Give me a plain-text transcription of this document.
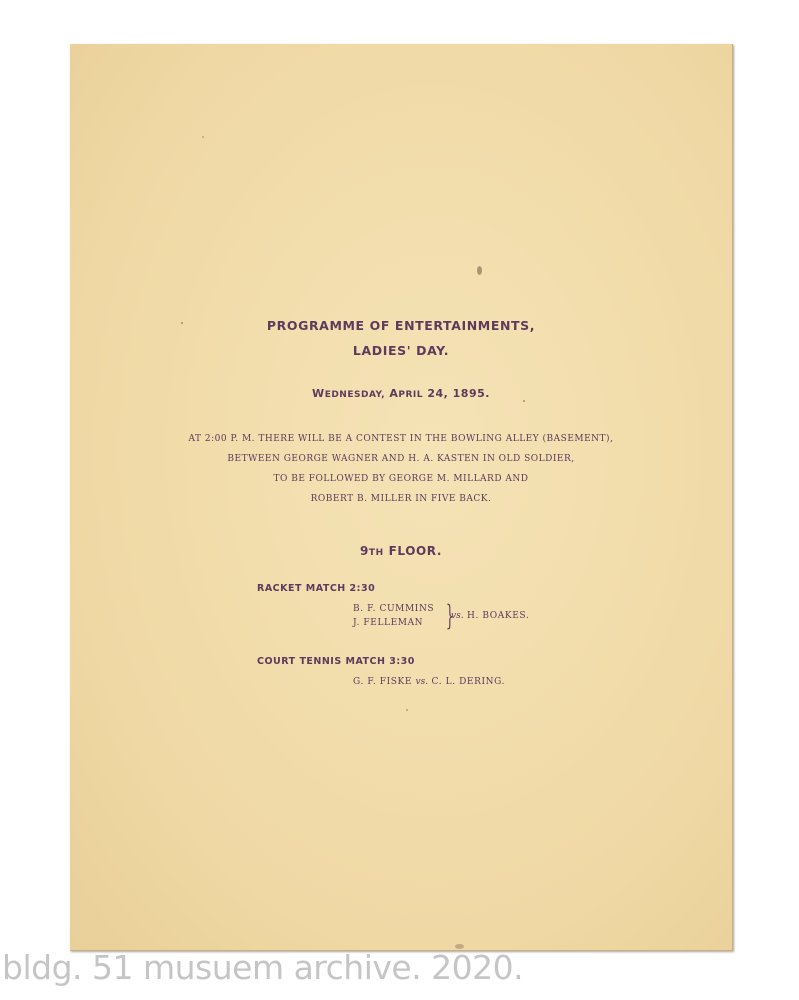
PROGRAMME OF ENTERTAINMENTS,
LADIES' DAY.
WEDNESDAY, APRIL 24, 1895.
AT 2:00 P. M. THERE WILL BE A CONTEST IN THE BOWLING ALLEY (BASEMENT),
BETWEEN GEORGE WAGNER AND H. A. KASTEN IN OLD SOLDIER,
TO BE FOLLOWED BY GEORGE M. MILLARD AND
ROBERT B. MILLER IN FIVE BACK.
9TH FLOOR.
RACKET MATCH 2:30
B. F. CUMMINS
J. FELLEMAN }
vs. H. BOAKES.
COURT TENNIS MATCH 3:30
G. F. FISKE vs. C. L. DERING.
bldg. 51 musuem archive. 2020.
